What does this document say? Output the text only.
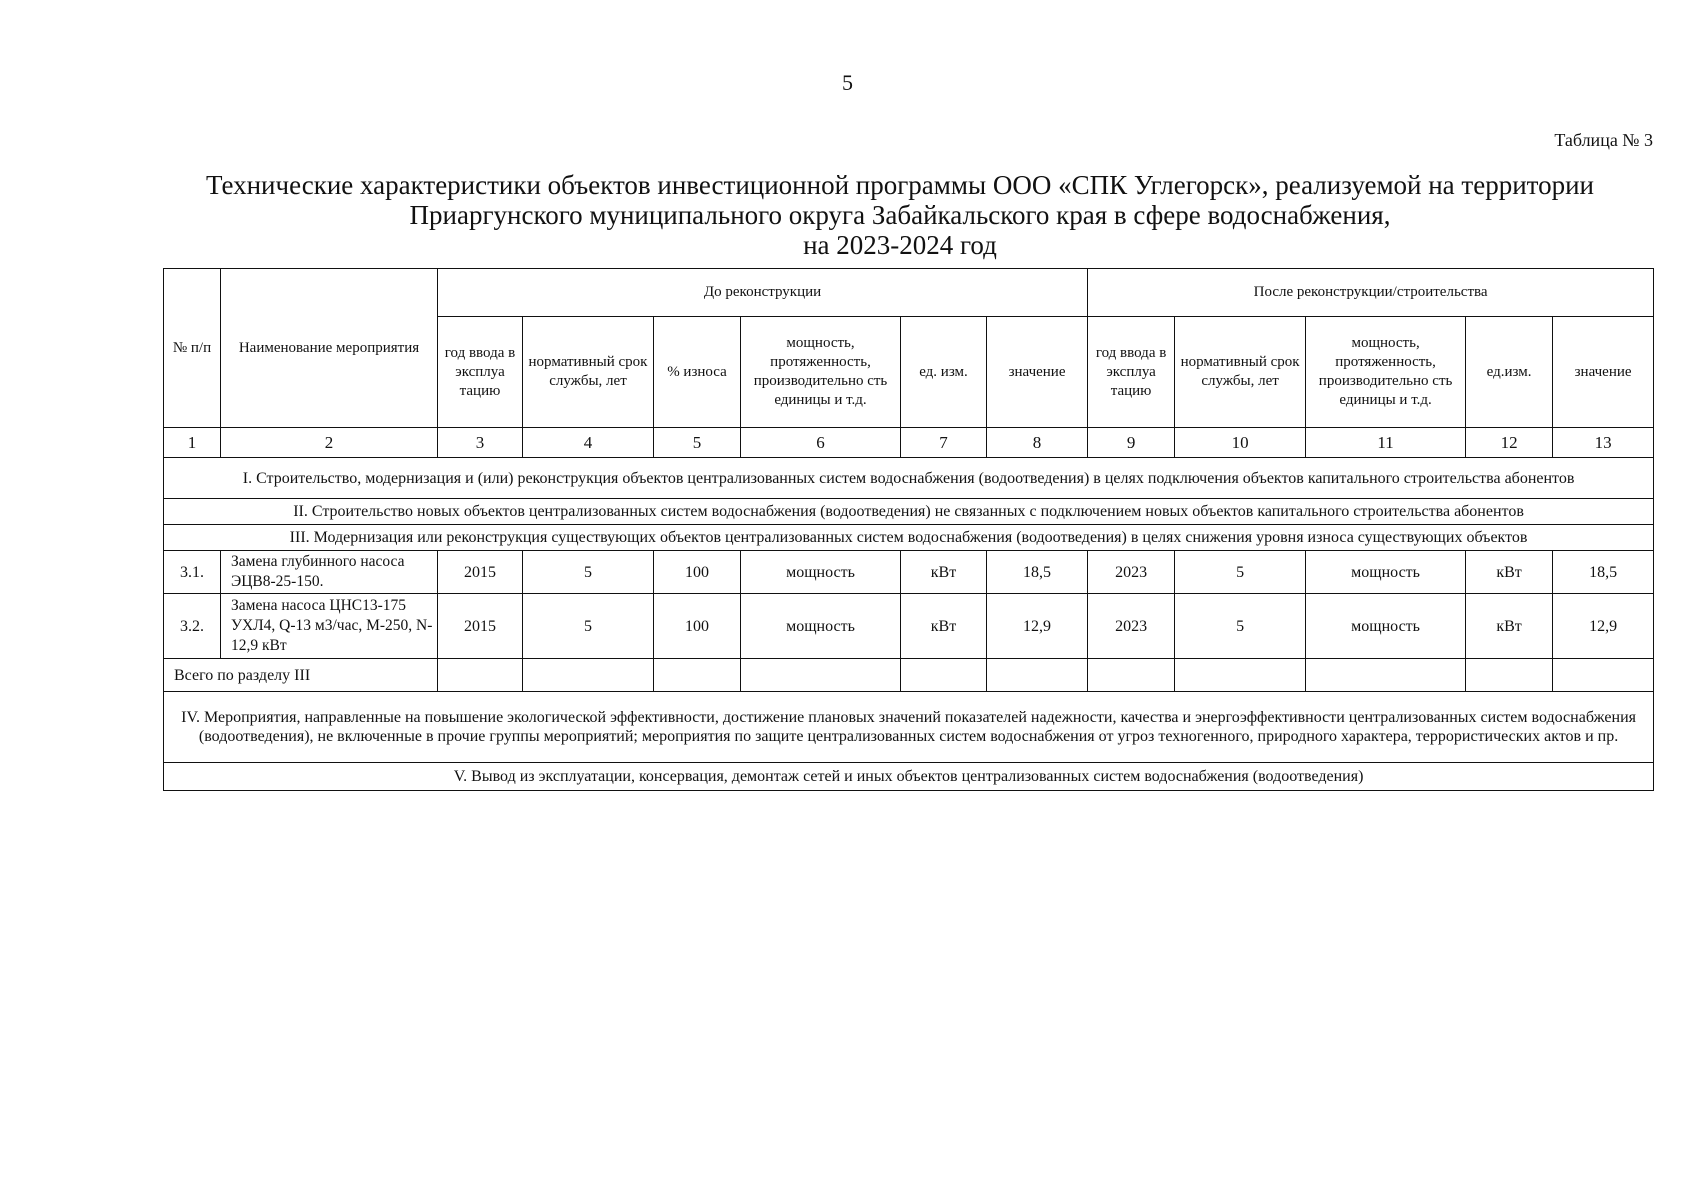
5
Таблица № 3
Технические характеристики объектов инвестиционной программы ООО «СПК Углегорск», реализуемой на территории
Приаргунского муниципального округа Забайкальского края в сфере водоснабжения,
на 2023-2024 год
№ п/п	Наименование мероприятия	До реконструкции						После реконструкции/строительства				
		год ввода в эксплуа тацию	нормативный срок службы, лет	% износа	мощность, протяженность, производительно сть единицы и т.д.	ед. изм.	значение	год ввода в эксплуа тацию	нормативный срок службы, лет	мощность, протяженность, производительно сть единицы и т.д.	ед.изм.	значение
1	2	3	4	5	6	7	8	9	10	11	12	13
I. Строительство, модернизация и (или) реконструкция объектов централизованных систем водоснабжения (водоотведения) в целях подключения объектов капитального строительства абонентов												
II. Строительство новых объектов централизованных систем водоснабжения (водоотведения) не связанных с подключением новых объектов капитального строительства абонентов												
III. Модернизация или реконструкция существующих объектов централизованных систем водоснабжения (водоотведения) в целях снижения уровня износа существующих объектов												
3.1.	Замена глубинного насоса ЭЦВ8-25-150.	2015	5	100	мощность	кВт	18,5	2023	5	мощность	кВт	18,5
3.2.	Замена насоса ЦНС13-175 УХЛ4, Q-13 м3/час, М-250, N-12,9 кВт	2015	5	100	мощность	кВт	12,9	2023	5	мощность	кВт	12,9
Всего по разделу III												
IV. Мероприятия, направленные на повышение экологической эффективности, достижение плановых значений показателей надежности, качества и энергоэффективности централизованных систем водоснабжения (водоотведения), не включенные в прочие группы мероприятий; мероприятия по защите централизованных систем водоснабжения от угроз техногенного, природного характера, террористических актов и пр.												
V. Вывод из эксплуатации, консервация, демонтаж сетей и иных объектов централизованных систем водоснабжения (водоотведения)												
